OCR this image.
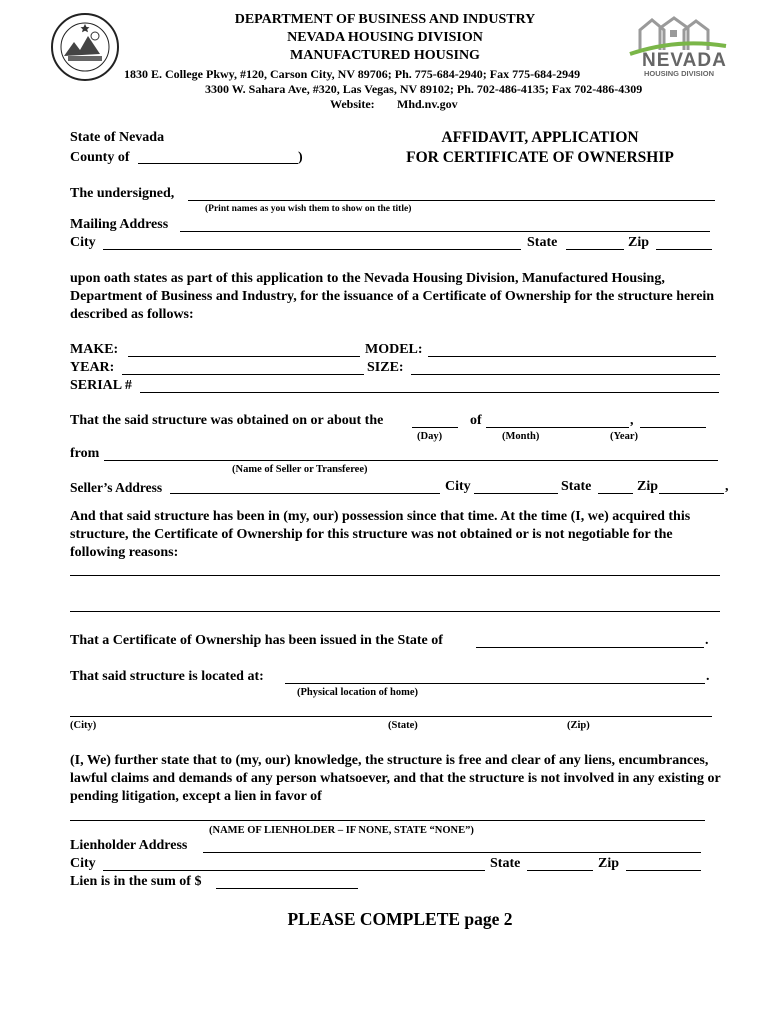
DEPARTMENT OF BUSINESS AND INDUSTRY
NEVADA HOUSING DIVISION
MANUFACTURED HOUSING
1830 E. College Pkwy, #120, Carson City, NV 89706; Ph. 775-684-2940; Fax 775-684-2949
3300 W. Sahara Ave, #320, Las Vegas, NV 89102; Ph. 702-486-4135; Fax 702-486-4309
Website: Mhd.nv.gov
NEVADA
HOUSING DIVISION
State of Nevada
County of	)
AFFIDAVIT, APPLICATION
FOR CERTIFICATE OF OWNERSHIP
The undersigned,
(Print names as you wish them to show on the title)
Mailing Address
City	State	Zip
upon oath states as part of this application to the Nevada Housing Division, Manufactured Housing, Department of Business and Industry, for the issuance of a Certificate of Ownership for the structure herein described as follows:
MAKE:	MODEL:
YEAR:	SIZE:
SERIAL #
That the said structure was obtained on or about the	of	,
(Day)	(Month)	(Year)
from
(Name of Seller or Transferee)
Seller’s Address	City	State	Zip	,
And that said structure has been in (my, our) possession since that time. At the time (I, we) acquired this structure, the Certificate of Ownership for this structure was not obtained or is not negotiable for the following reasons:
That a Certificate of Ownership has been issued in the State of	.
That said structure is located at:	.
(Physical location of home)
(City)	(State)	(Zip)
(I, We) further state that to (my, our) knowledge, the structure is free and clear of any liens, encumbrances, lawful claims and demands of any person whatsoever, and that the structure is not involved in any existing or pending litigation, except a lien in favor of
(NAME OF LIENHOLDER – IF NONE, STATE “NONE”)
Lienholder Address
City	State	Zip
Lien is in the sum of $
PLEASE COMPLETE page 2
